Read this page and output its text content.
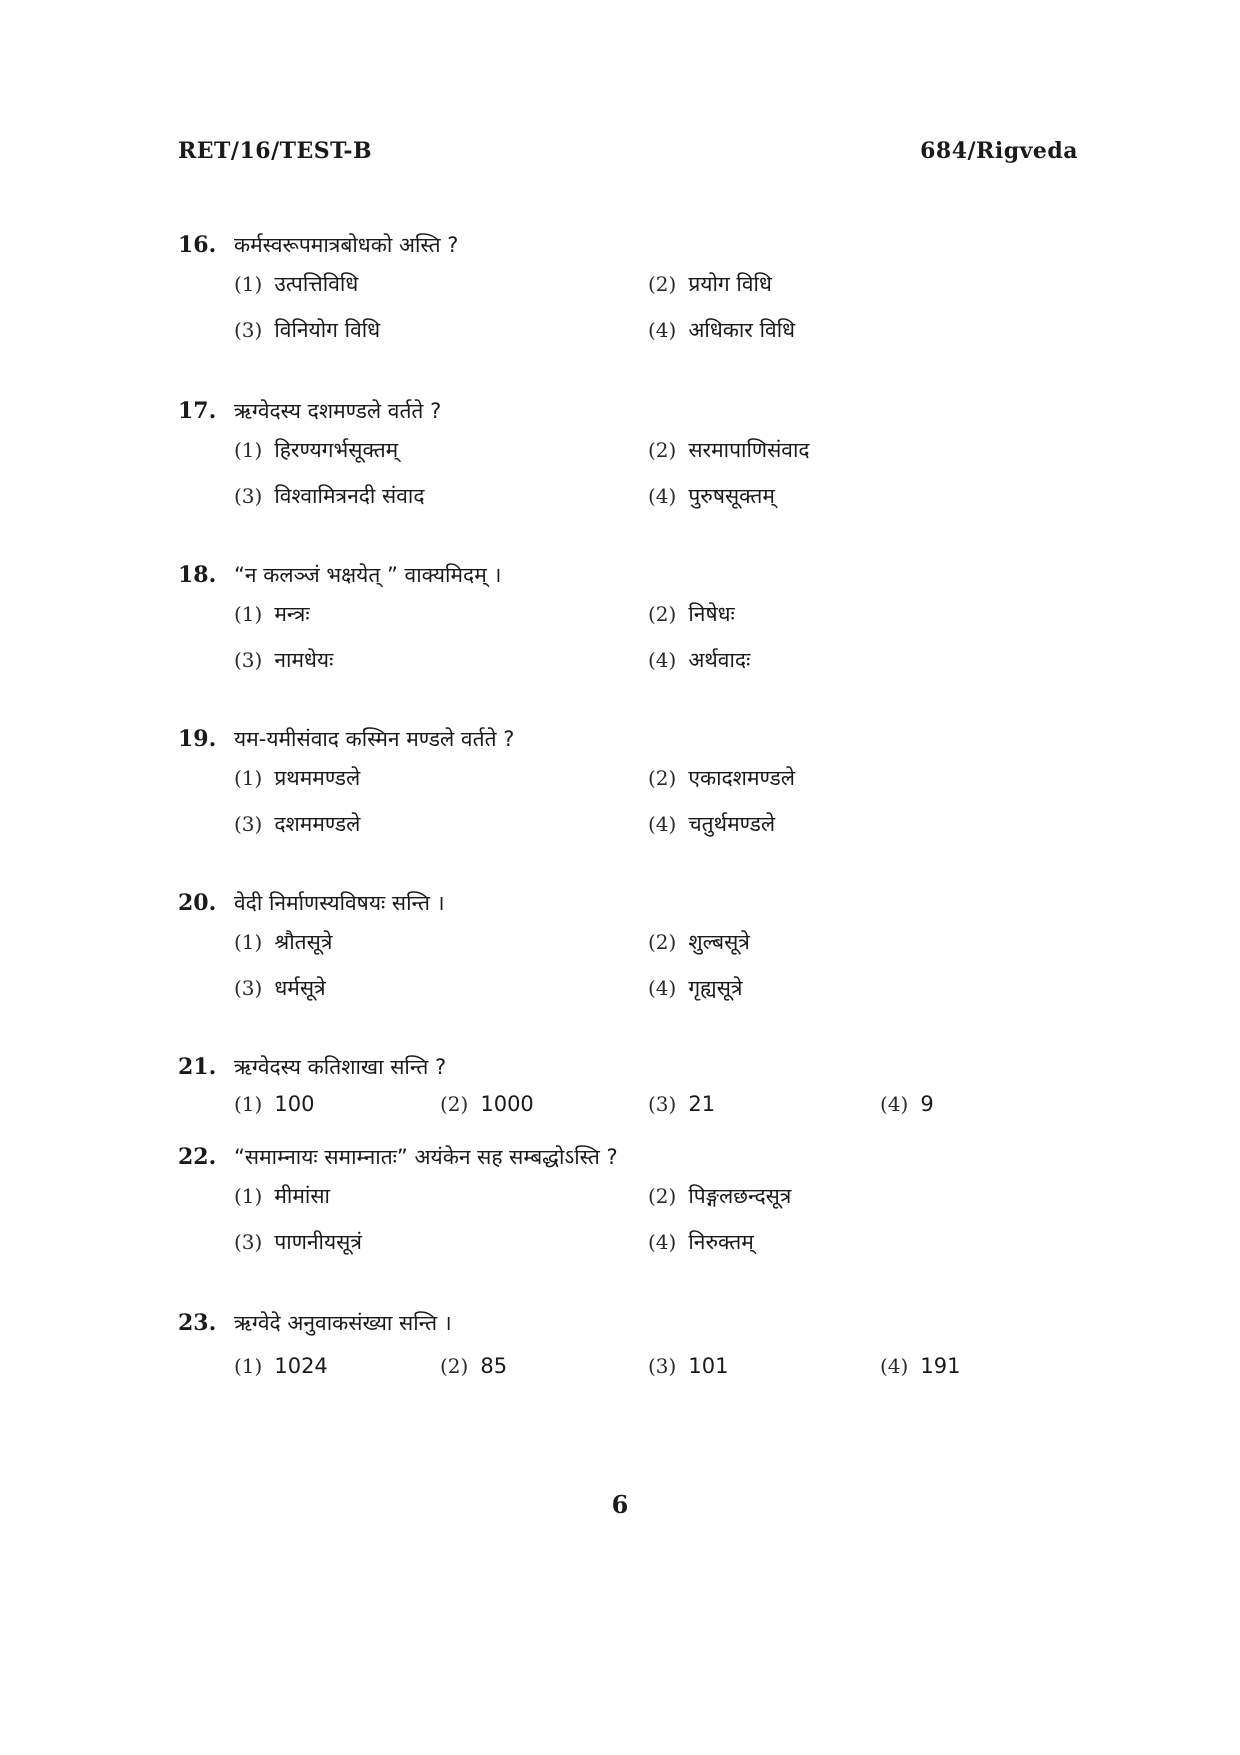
RET/16/TEST-B	684/Rigveda
16. कर्मस्वरूपमात्रबोधको अस्ति ?
(1) उत्पत्तिविधि	(2) प्रयोग विधि
(3) विनियोग विधि	(4) अधिकार विधि
17. ऋग्वेदस्य दशमण्डले वर्तते ?
(1) हिरण्यगर्भसूक्तम्	(2) सरमापाणिसंवाद
(3) विश्वामित्रनदी संवाद	(4) पुरुषसूक्तम्
18. “न कलञ्जं भक्षयेत् ” वाक्यमिदम् ।
(1) मन्त्रः	(2) निषेधः
(3) नामधेयः	(4) अर्थवादः
19. यम-यमीसंवाद कस्मिन मण्डले वर्तते ?
(1) प्रथममण्डले	(2) एकादशमण्डले
(3) दशममण्डले	(4) चतुर्थमण्डले
20. वेदी निर्माणस्यविषयः सन्ति ।
(1) श्रौतसूत्रे	(2) शुल्बसूत्रे
(3) धर्मसूत्रे	(4) गृह्यसूत्रे
21. ऋग्वेदस्य कतिशाखा सन्ति ?
(1) 100	(2) 1000	(3) 21	(4) 9
22. “समाम्नायः समाम्नातः” अयंकेन सह सम्बद्धोऽस्ति ?
(1) मीमांसा	(2) पिङ्गलछन्दसूत्र
(3) पाणनीयसूत्रं	(4) निरुक्तम्
23. ऋग्वेदे अनुवाकसंख्या सन्ति ।
(1) 1024	(2) 85	(3) 101	(4) 191
6
